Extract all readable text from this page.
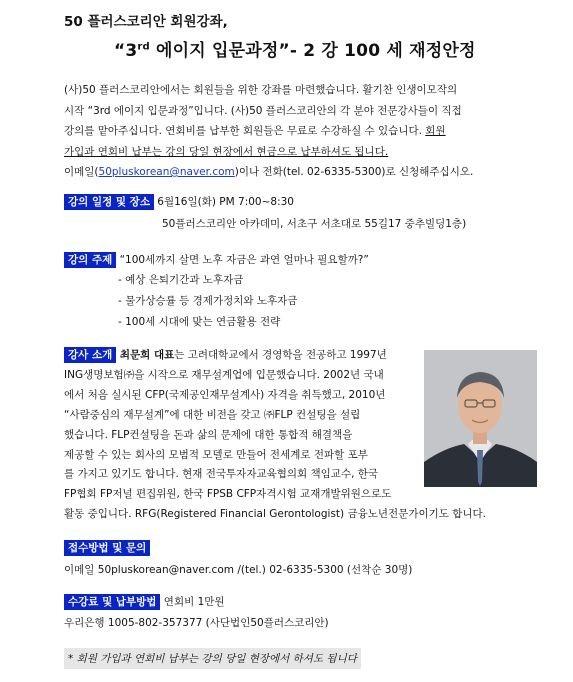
50 플러스코리안 회원강좌,
“3rd 에이지 입문과정”- 2 강 100 세 재정안정

(사)50 플러스코리안에서는 회원들을 위한 강좌를 마련했습니다. 활기찬 인생이모작의

시작 “3rd 에이지 입문과정”입니다. (사)50 플러스코리안의 각 분야 전문강사들이 직접

강의를 맡아주십니다. 연회비를 납부한 회원들은 무료로 수강하실 수 있습니다. 회원

가입과 연회비 납부는 강의 당일 현장에서 현금으로 납부하셔도 됩니다.

이메일(50pluskorean@naver.com)이나 전화(tel. 02-6335-5300)로 신청해주십시오.

강의 일정 및 장소 6월16일(화) PM 7:00~8:30
50플러스코리안 아카데미, 서초구 서초대로 55길17 중추빌딩1층)
강의 주제 “100세까지 살면 노후 자금은 과연 얼마나 필요할까?”
- 예상 은퇴기간과 노후자금
- 물가상승률 등 경제가정치와 노후자금
- 100세 시대에 맞는 연금활용 전략
강사 소개 최문희 대표는 고려대학교에서 경영학을 전공하고 1997년
ING생명보험㈜을 시작으로 재무설계업에 입문했습니다. 2002년 국내
에서 처음 실시된 CFP(국제공인재무설계사) 자격을 취득했고, 2010년
“사람중심의 재무설계”에 대한 비전을 갖고 ㈜FLP 컨설팅을 설립
했습니다. FLP컨설팅을 돈과 삶의 문제에 대한 통합적 해결책을
제공할 수 있는 회사의 모범적 모델로 만들어 전세계로 전파할 포부
를 가지고 있기도 합니다. 현재 전국투자자교육협의회 책임교수, 한국
FP협회 FP저널 편집위원, 한국 FPSB CFP자격시험 교재개발위원으로도
활동 중입니다. RFG(Registered Financial Gerontologist) 금융노년전문가이기도 합니다.
접수방법 및 문의
이메일 50pluskorean@naver.com /(tel.) 02-6335-5300 (선착순 30명)
수강료 및 납부방법 연회비 1만원
우리은행 1005-802-357377 (사단법인50플러스코리안)
* 회원 가입과 연회비 납부는 강의 당일 현장에서 하셔도 됩니다
